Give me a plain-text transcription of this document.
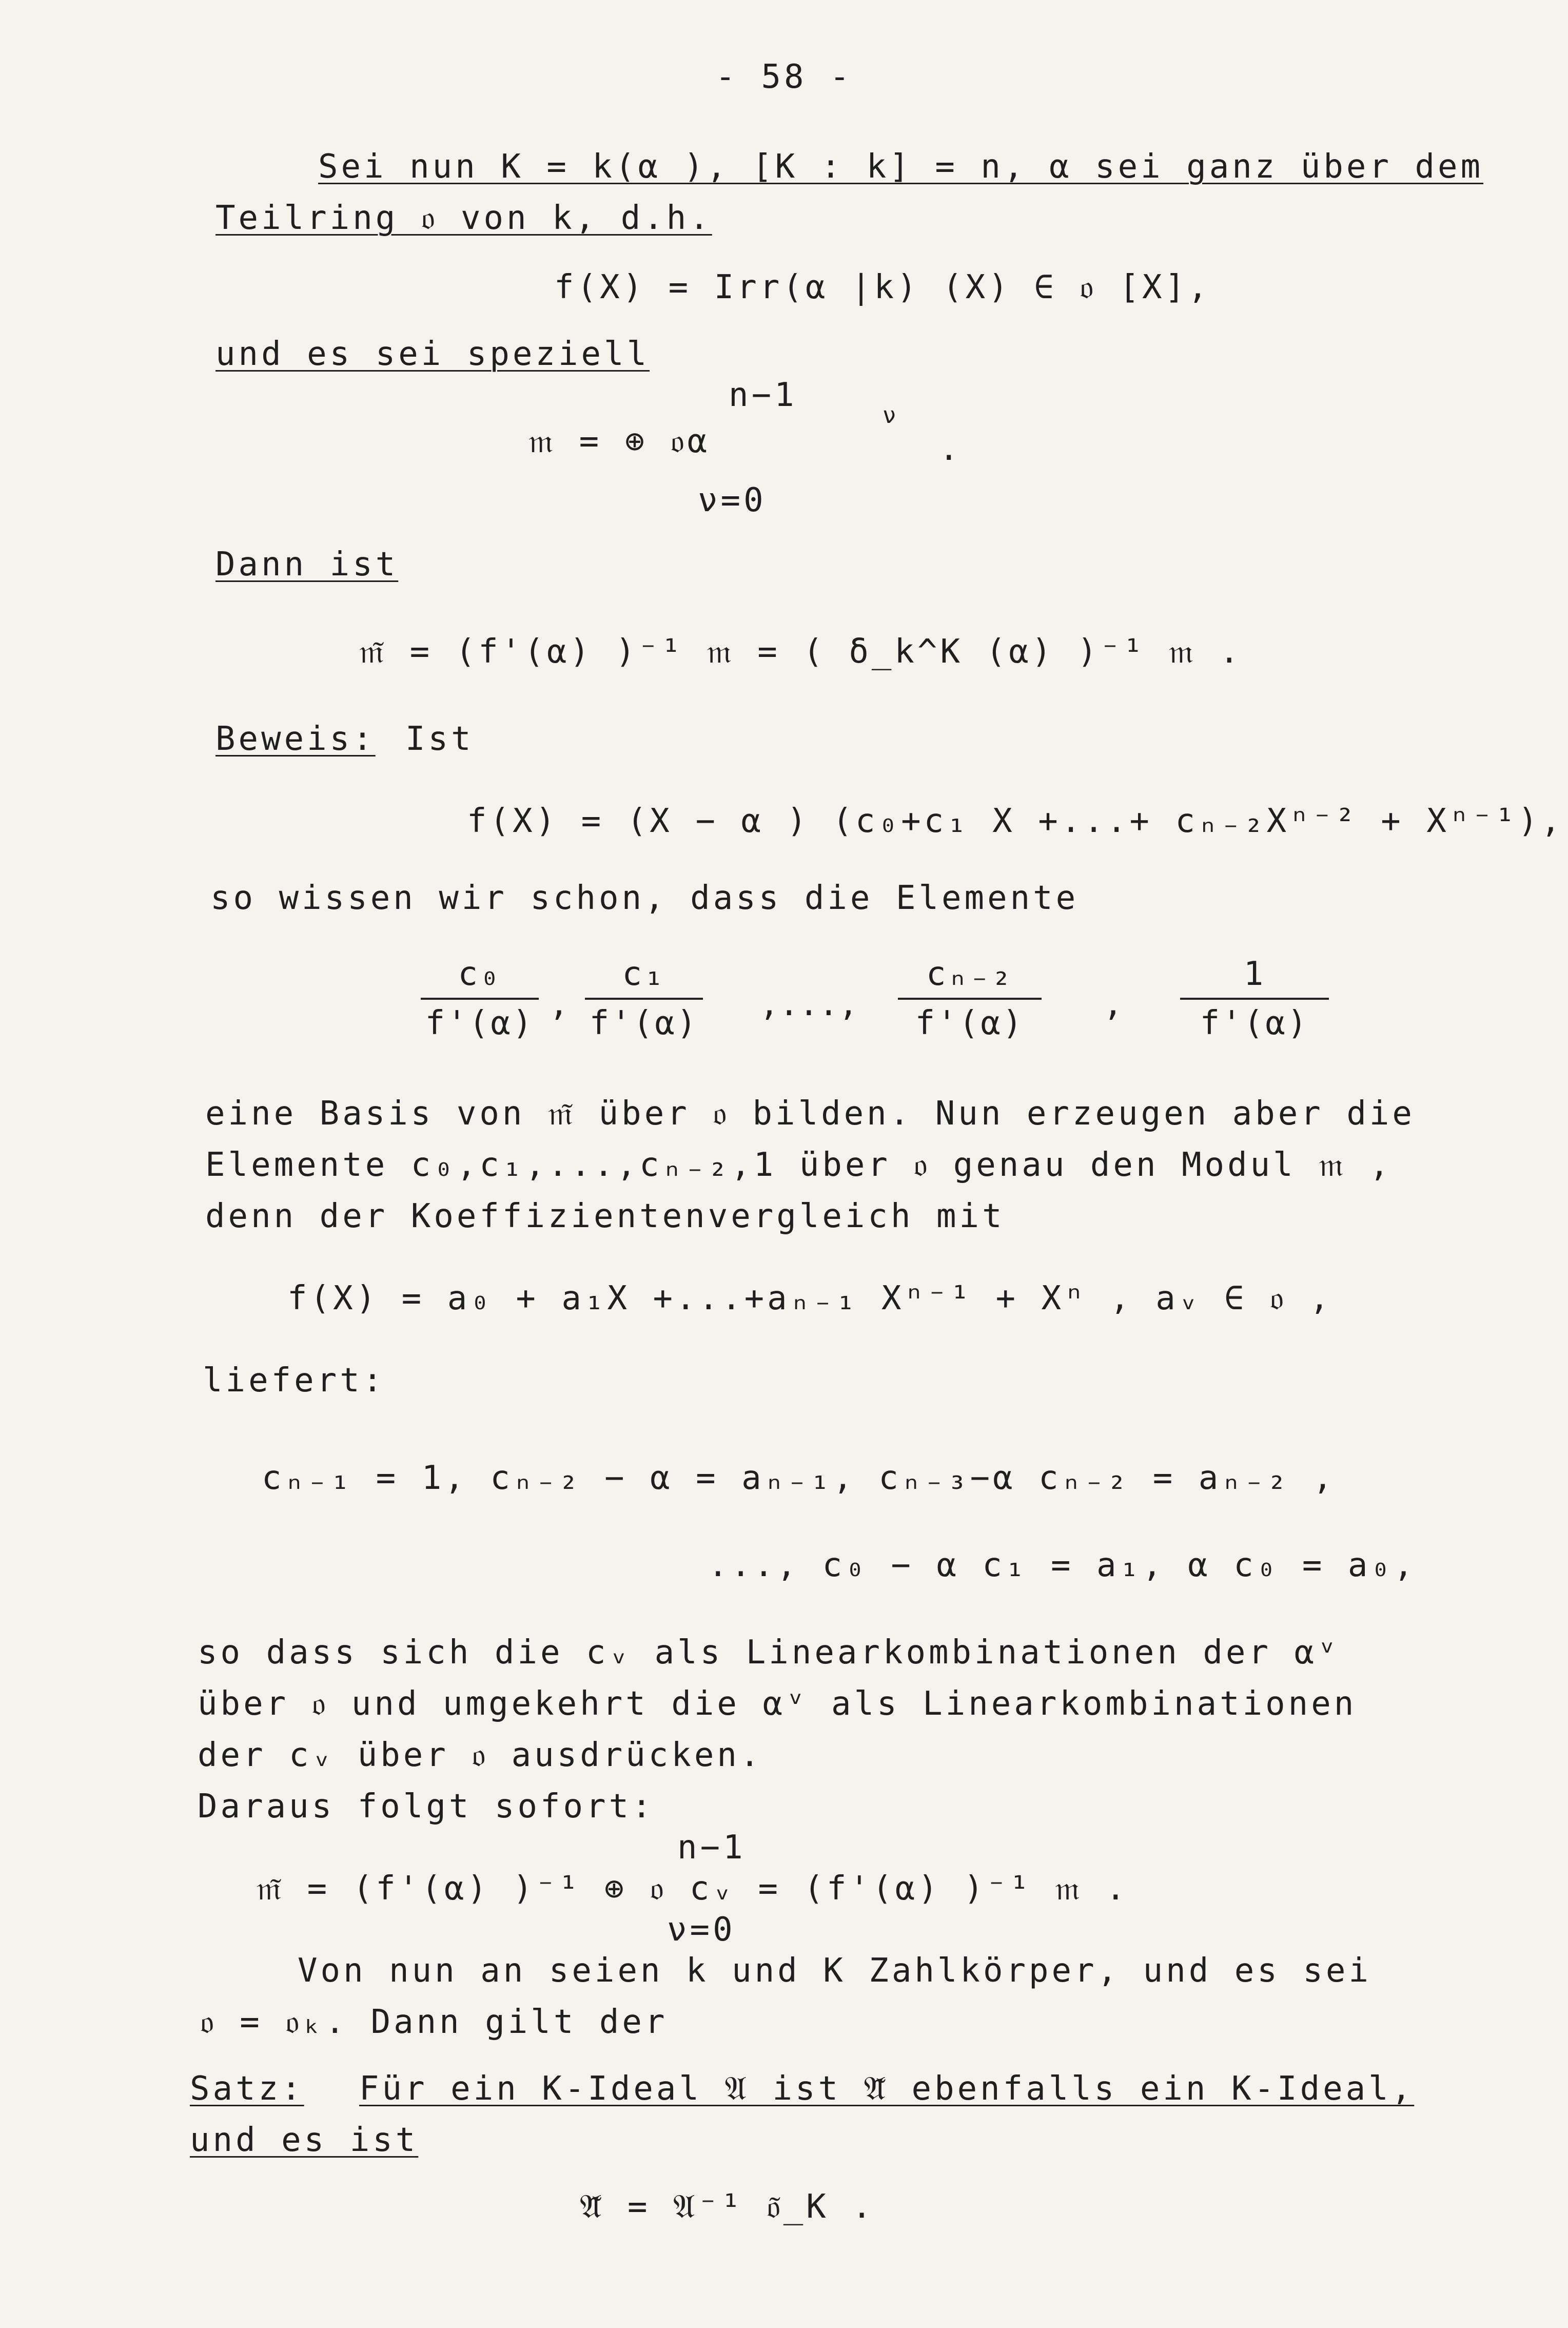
- 58 -
Sei nun K = k(α ), [K : k] = n, α sei ganz über dem
Teilring 𝔬 von k, d.h.
f(X) = Irr(α |k) (X) ∈ 𝔬 [X],
und es sei speziell
n−1
𝔪 = ⊕ 𝔬α
ν
.
ν=0
Dann ist
𝔪̃ = (f'(α) )⁻¹ 𝔪 = ( δ_k^K (α) )⁻¹ 𝔪 .
Beweis: Ist
f(X) = (X − α ) (c₀+c₁ X +...+ cₙ₋₂Xⁿ⁻² + Xⁿ⁻¹),
so wissen wir schon, dass die Elemente
c₀
f'(α) ,
c₁
f'(α) ,...,
cₙ₋₂
f'(α)	,
1
f'(α)
eine Basis von 𝔪̃ über 𝔬 bilden. Nun erzeugen aber die
Elemente c₀,c₁,...,cₙ₋₂,1 über 𝔬 genau den Modul 𝔪 ,
denn der Koeffizientenvergleich mit
f(X) = a₀ + a₁X +...+aₙ₋₁ Xⁿ⁻¹ + Xⁿ , aᵥ ∈ 𝔬 ,
liefert:
cₙ₋₁ = 1, cₙ₋₂ − α = aₙ₋₁, cₙ₋₃−α cₙ₋₂ = aₙ₋₂ ,
..., c₀ − α c₁ = a₁, α c₀ = a₀,
so dass sich die cᵥ als Linearkombinationen der αᵛ
über 𝔬 und umgekehrt die αᵛ als Linearkombinationen
der cᵥ über 𝔬 ausdrücken.
Daraus folgt sofort:
n−1
𝔪̃ = (f'(α) )⁻¹ ⊕ 𝔬 cᵥ = (f'(α) )⁻¹ 𝔪 .
ν=0
Von nun an seien k und K Zahlkörper, und es sei
𝔬 = 𝔬ₖ. Dann gilt der
Satz: Für ein K-Ideal 𝔄 ist 𝔄̃ ebenfalls ein K-Ideal,
und es ist
𝔄̃ = 𝔄⁻¹ 𝔬̃_K .
